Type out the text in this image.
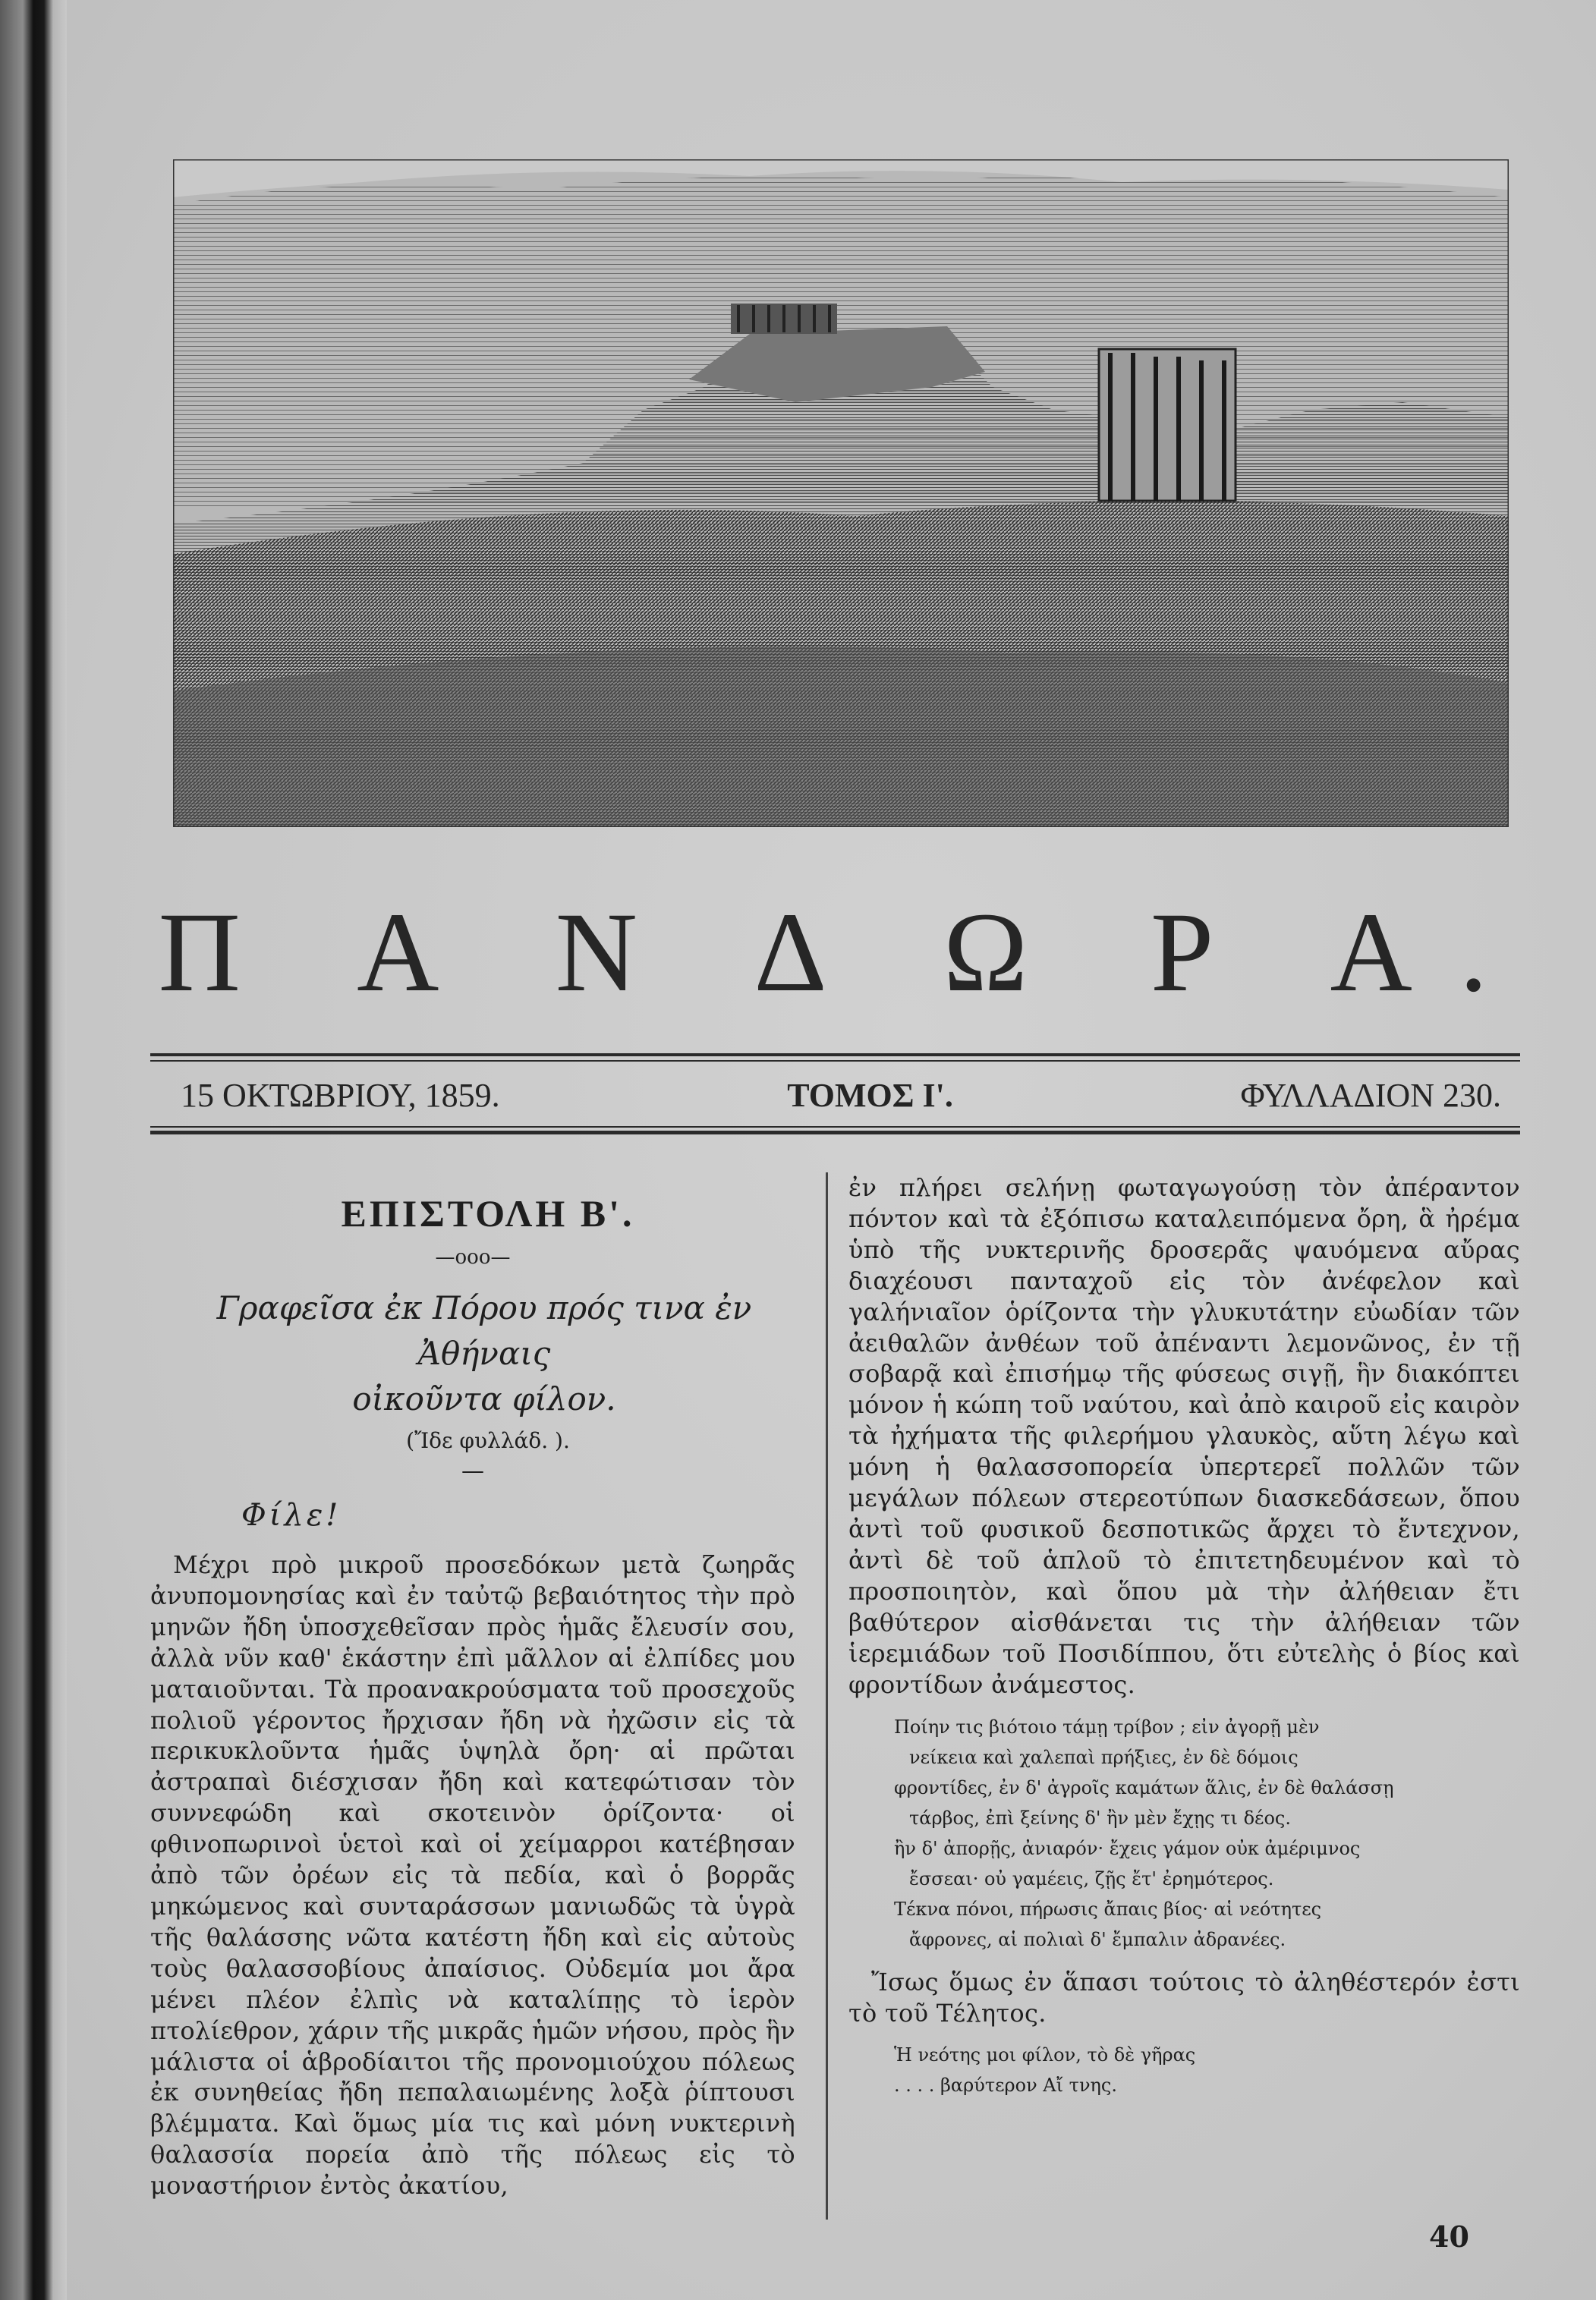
Π Α Ν Δ Ω Ρ Α.
15 ΟΚΤΩΒΡΙΟΥ, 1859.	ΤΟΜΟΣ Ι'.	ΦΥΛΛΑΔΙΟΝ 230.
ΕΠΙΣΤΟΛΗ Β'.
—ooo—

Γραφεῖσα ἐκ Πόρου πρός τινα ἐν Ἀθήναις

οἰκοῦντα φίλον.

(Ἴδε φυλλάδ. ).

—

Φίλε!

Μέχρι πρὸ μικροῦ προσεδόκων μετὰ ζωηρᾶς ἀνυπομονησίας καὶ ἐν ταὐτῷ βεβαιότητος τὴν πρὸ μηνῶν ἤδη ὑποσχεθεῖσαν πρὸς ἡμᾶς ἔλευσίν σου, ἀλλὰ νῦν καθ' ἑκάστην ἐπὶ μᾶλλον αἱ ἐλπίδες μου ματαιοῦνται. Τὰ προανακρούσματα τοῦ προσεχοῦς πολιοῦ γέροντος ἤρχισαν ἤδη νὰ ἠχῶσιν εἰς τὰ περικυκλοῦντα ἡμᾶς ὑψηλὰ ὄρη· αἱ πρῶται ἀστραπαὶ διέσχισαν ἤδη καὶ κατεφώτισαν τὸν συννεφώδη καὶ σκοτεινὸν ὁρίζοντα· οἱ φθινοπωρινοὶ ὑετοὶ καὶ οἱ χείμαρροι κατέβησαν ἀπὸ τῶν ὀρέων εἰς τὰ πεδία, καὶ ὁ βορρᾶς μηκώμενος καὶ συνταράσσων μανιωδῶς τὰ ὑγρὰ τῆς θαλάσσης νῶτα κατέστη ἤδη καὶ εἰς αὐτοὺς τοὺς θαλασσοβίους ἀπαίσιος. Οὐδεμία μοι ἄρα μένει πλέον ἐλπὶς νὰ καταλίπῃς τὸ ἱερὸν πτολίεθρον, χάριν τῆς μικρᾶς ἡμῶν νήσου, πρὸς ἣν μάλιστα οἱ ἁβροδίαιτοι τῆς προνομιούχου πόλεως ἐκ συνηθείας ἤδη πεπαλαιωμένης λοξὰ ῥίπτουσι βλέμματα. Καὶ ὅμως μία τις καὶ μόνη νυκτερινὴ θαλασσία πορεία ἀπὸ τῆς πόλεως εἰς τὸ μοναστήριον ἐντὸς ἀκατίου,

ἐν πλήρει σελήνῃ φωταγωγούσῃ τὸν ἀπέραντον πόντον καὶ τὰ ἐξόπισω καταλειπόμενα ὄρη, ἃ ἠρέμα ὑπὸ τῆς νυκτερινῆς δροσερᾶς ψαυόμενα αὔρας διαχέουσι πανταχοῦ εἰς τὸν ἀνέφελον καὶ γαλήνιαῖον ὁρίζοντα τὴν γλυκυτάτην εὐωδίαν τῶν ἀειθαλῶν ἀνθέων τοῦ ἀπέναντι λεμονῶνος, ἐν τῇ σοβαρᾷ καὶ ἐπισήμῳ τῆς φύσεως σιγῇ, ἣν διακόπτει μόνον ἡ κώπη τοῦ ναύτου, καὶ ἀπὸ καιροῦ εἰς καιρὸν τὰ ἠχήματα τῆς φιλερήμου γλαυκὸς, αὕτη λέγω καὶ μόνη ἡ θαλασσοπορεία ὑπερτερεῖ πολλῶν τῶν μεγάλων πόλεων στερεοτύπων διασκεδάσεων, ὅπου ἀντὶ τοῦ φυσικοῦ δεσποτικῶς ἄρχει τὸ ἔντεχνον, ἀντὶ δὲ τοῦ ἁπλοῦ τὸ ἐπιτετηδευμένον καὶ τὸ προσποιητὸν, καὶ ὅπου μὰ τὴν ἀλήθειαν ἔτι βαθύτερον αἰσθάνεται τις τὴν ἀλήθειαν τῶν ἱερεμιάδων τοῦ Ποσιδίππου, ὅτι εὐτελὴς ὁ βίος καὶ φροντίδων ἀνάμεστος.

Ποίην τις βιότοιο τάμῃ τρίβον ; εἰν ἀγορῇ μὲν
νείκεια καὶ χαλεπαὶ πρήξιες, ἐν δὲ δόμοις
φροντίδες, ἐν δ' ἀγροῖς καμάτων ἅλις, ἐν δὲ θαλάσσῃ
τάρβος, ἐπὶ ξείνης δ' ἢν μὲν ἔχῃς τι δέος.
ἢν δ' ἀπορῇς, ἀνιαρόν· ἔχεις γάμον οὐκ ἀμέριμνος
ἔσσεαι· οὐ γαμέεις, ζῇς ἔτ' ἐρημότερος.
Τέκνα πόνοι, πήρωσις ἄπαις βίος· αἱ νεότητες
ἄφρονες, αἱ πολιαὶ δ' ἔμπαλιν ἀδρανέες.

Ἴσως ὅμως ἐν ἅπασι τούτοις τὸ ἀληθέστερόν ἐστι τὸ τοῦ Τέλητος.

Ἡ νεότης μοι φίλον, τὸ δὲ γῆρας
. . . . βαρύτερον Αἴ τνης.
40
